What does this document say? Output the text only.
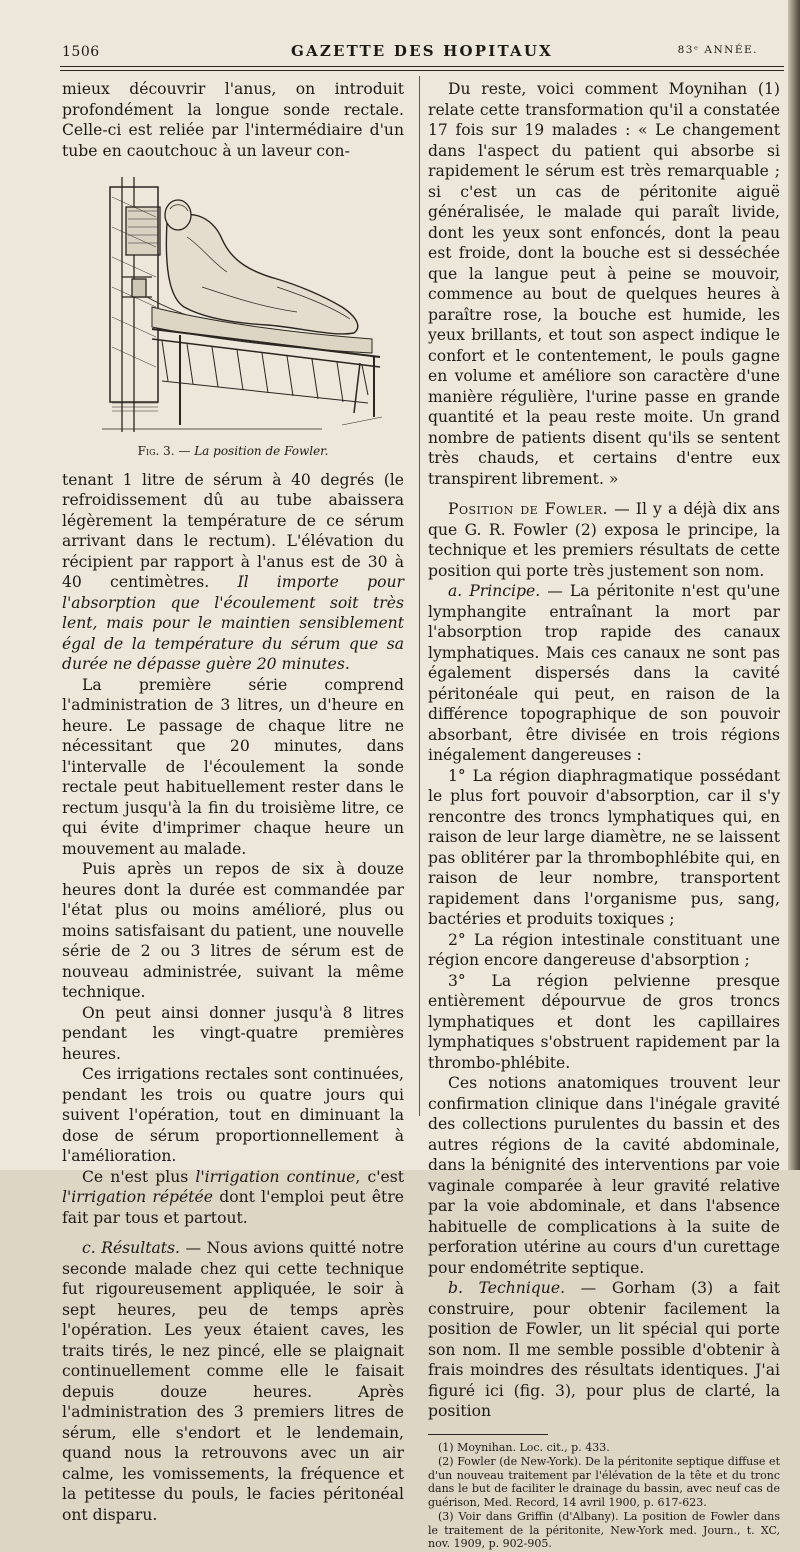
1506	GAZETTE DES HOPITAUX	83ᵉ ANNÉE.

mieux découvrir l'anus, on introduit profondément la longue sonde rectale. Celle-ci est reliée par l'intermédiaire d'un tube en caoutchouc à un laveur con-

Fig. 3. — La position de Fowler.

tenant 1 litre de sérum à 40 degrés (le refroidissement dû au tube abaissera légèrement la température de ce sérum arrivant dans le rectum). L'élévation du récipient par rapport à l'anus est de 30 à 40 centimètres. Il importe pour l'absorption que l'écoulement soit très lent, mais pour le maintien sensiblement égal de la température du sérum que sa durée ne dépasse guère 20 minutes.

La première série comprend l'administration de 3 litres, un d'heure en heure. Le passage de chaque litre ne nécessitant que 20 minutes, dans l'intervalle de l'écoulement la sonde rectale peut habituellement rester dans le rectum jusqu'à la fin du troisième litre, ce qui évite d'imprimer chaque heure un mouvement au malade.

Puis après un repos de six à douze heures dont la durée est commandée par l'état plus ou moins amélioré, plus ou moins satisfaisant du patient, une nouvelle série de 2 ou 3 litres de sérum est de nouveau administrée, suivant la même technique.

On peut ainsi donner jusqu'à 8 litres pendant les vingt-quatre premières heures.

Ces irrigations rectales sont continuées, pendant les trois ou quatre jours qui suivent l'opération, tout en diminuant la dose de sérum proportionnellement à l'amélioration.

Ce n'est plus l'irrigation continue, c'est l'irrigation répétée dont l'emploi peut être fait par tous et partout.

c. Résultats. — Nous avions quitté notre seconde malade chez qui cette technique fut rigoureusement appliquée, le soir à sept heures, peu de temps après l'opération. Les yeux étaient caves, les traits tirés, le nez pincé, elle se plaignait continuellement comme elle le faisait depuis douze heures. Après l'administration des 3 premiers litres de sérum, elle s'endort et le lendemain, quand nous la retrouvons avec un air calme, les vomissements, la fréquence et la petitesse du pouls, le facies péritonéal ont disparu.

Du reste, voici comment Moynihan (1) relate cette transformation qu'il a constatée 17 fois sur 19 malades : « Le changement dans l'aspect du patient qui absorbe si rapidement le sérum est très remarquable ; si c'est un cas de péritonite aiguë généralisée, le malade qui paraît livide, dont les yeux sont enfoncés, dont la peau est froide, dont la bouche est si desséchée que la langue peut à peine se mouvoir, commence au bout de quelques heures à paraître rose, la bouche est humide, les yeux brillants, et tout son aspect indique le confort et le contentement, le pouls gagne en volume et améliore son caractère d'une manière régulière, l'urine passe en grande quantité et la peau reste moite. Un grand nombre de patients disent qu'ils se sentent très chauds, et certains d'entre eux transpirent librement. »

Position de Fowler. — Il y a déjà dix ans que G. R. Fowler (2) exposa le principe, la technique et les premiers résultats de cette position qui porte très justement son nom.

a. Principe. — La péritonite n'est qu'une lymphangite entraînant la mort par l'absorption trop rapide des canaux lymphatiques. Mais ces canaux ne sont pas également dispersés dans la cavité péritonéale qui peut, en raison de la différence topographique de son pouvoir absorbant, être divisée en trois régions inégalement dangereuses :

1° La région diaphragmatique possédant le plus fort pouvoir d'absorption, car il s'y rencontre des troncs lymphatiques qui, en raison de leur large diamètre, ne se laissent pas oblitérer par la thrombophlébite qui, en raison de leur nombre, transportent rapidement dans l'organisme pus, sang, bactéries et produits toxiques ;

2° La région intestinale constituant une région encore dangereuse d'absorption ;

3° La région pelvienne presque entièrement dépourvue de gros troncs lymphatiques et dont les capillaires lymphatiques s'obstruent rapidement par la thrombo-phlébite.

Ces notions anatomiques trouvent leur confirmation clinique dans l'inégale gravité des collections purulentes du bassin et des autres régions de la cavité abdominale, dans la bénignité des interventions par voie vaginale comparée à leur gravité relative par la voie abdominale, et dans l'absence habituelle de complications à la suite de perforation utérine au cours d'un curettage pour endométrite septique.

b. Technique. — Gorham (3) a fait construire, pour obtenir facilement la position de Fowler, un lit spécial qui porte son nom. Il me semble possible d'obtenir à frais moindres des résultats identiques. J'ai figuré ici (fig. 3), pour plus de clarté, la position

(1) Moynihan. Loc. cit., p. 433.

(2) Fowler (de New-York). De la péritonite septique diffuse et d'un nouveau traitement par l'élévation de la tête et du tronc dans le but de faciliter le drainage du bassin, avec neuf cas de guérison, Med. Record, 14 avril 1900, p. 617-623.

(3) Voir dans Griffin (d'Albany). La position de Fowler dans le traitement de la péritonite, New-York med. Journ., t. XC, nov. 1909, p. 902-905.
